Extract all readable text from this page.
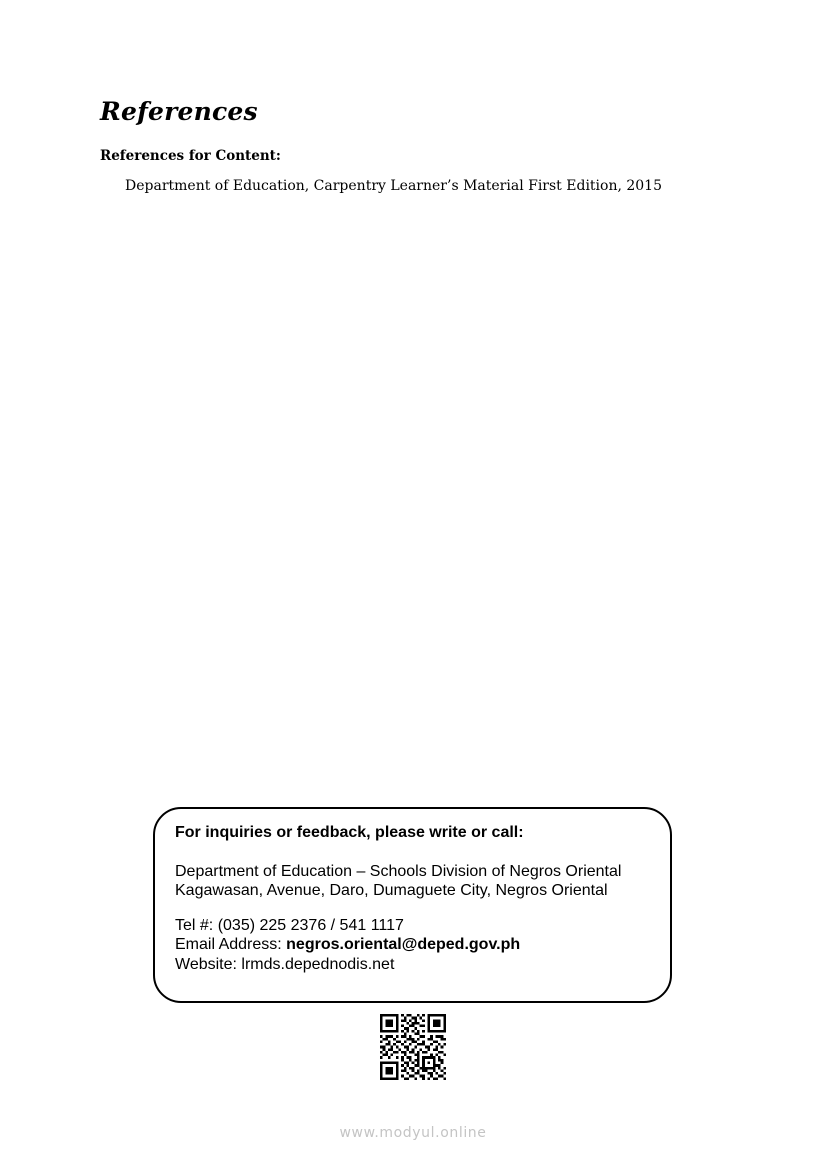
References
References for Content:

Department of Education, Carpentry Learner’s Material First Edition, 2015

For inquiries or feedback, please write or call:
Department of Education – Schools Division of Negros Oriental
Kagawasan, Avenue, Daro, Dumaguete City, Negros Oriental
Tel #: (035) 225 2376 / 541 1117
Email Address: negros.oriental@deped.gov.ph
Website: lrmds.depednodis.net
www.modyul.online
